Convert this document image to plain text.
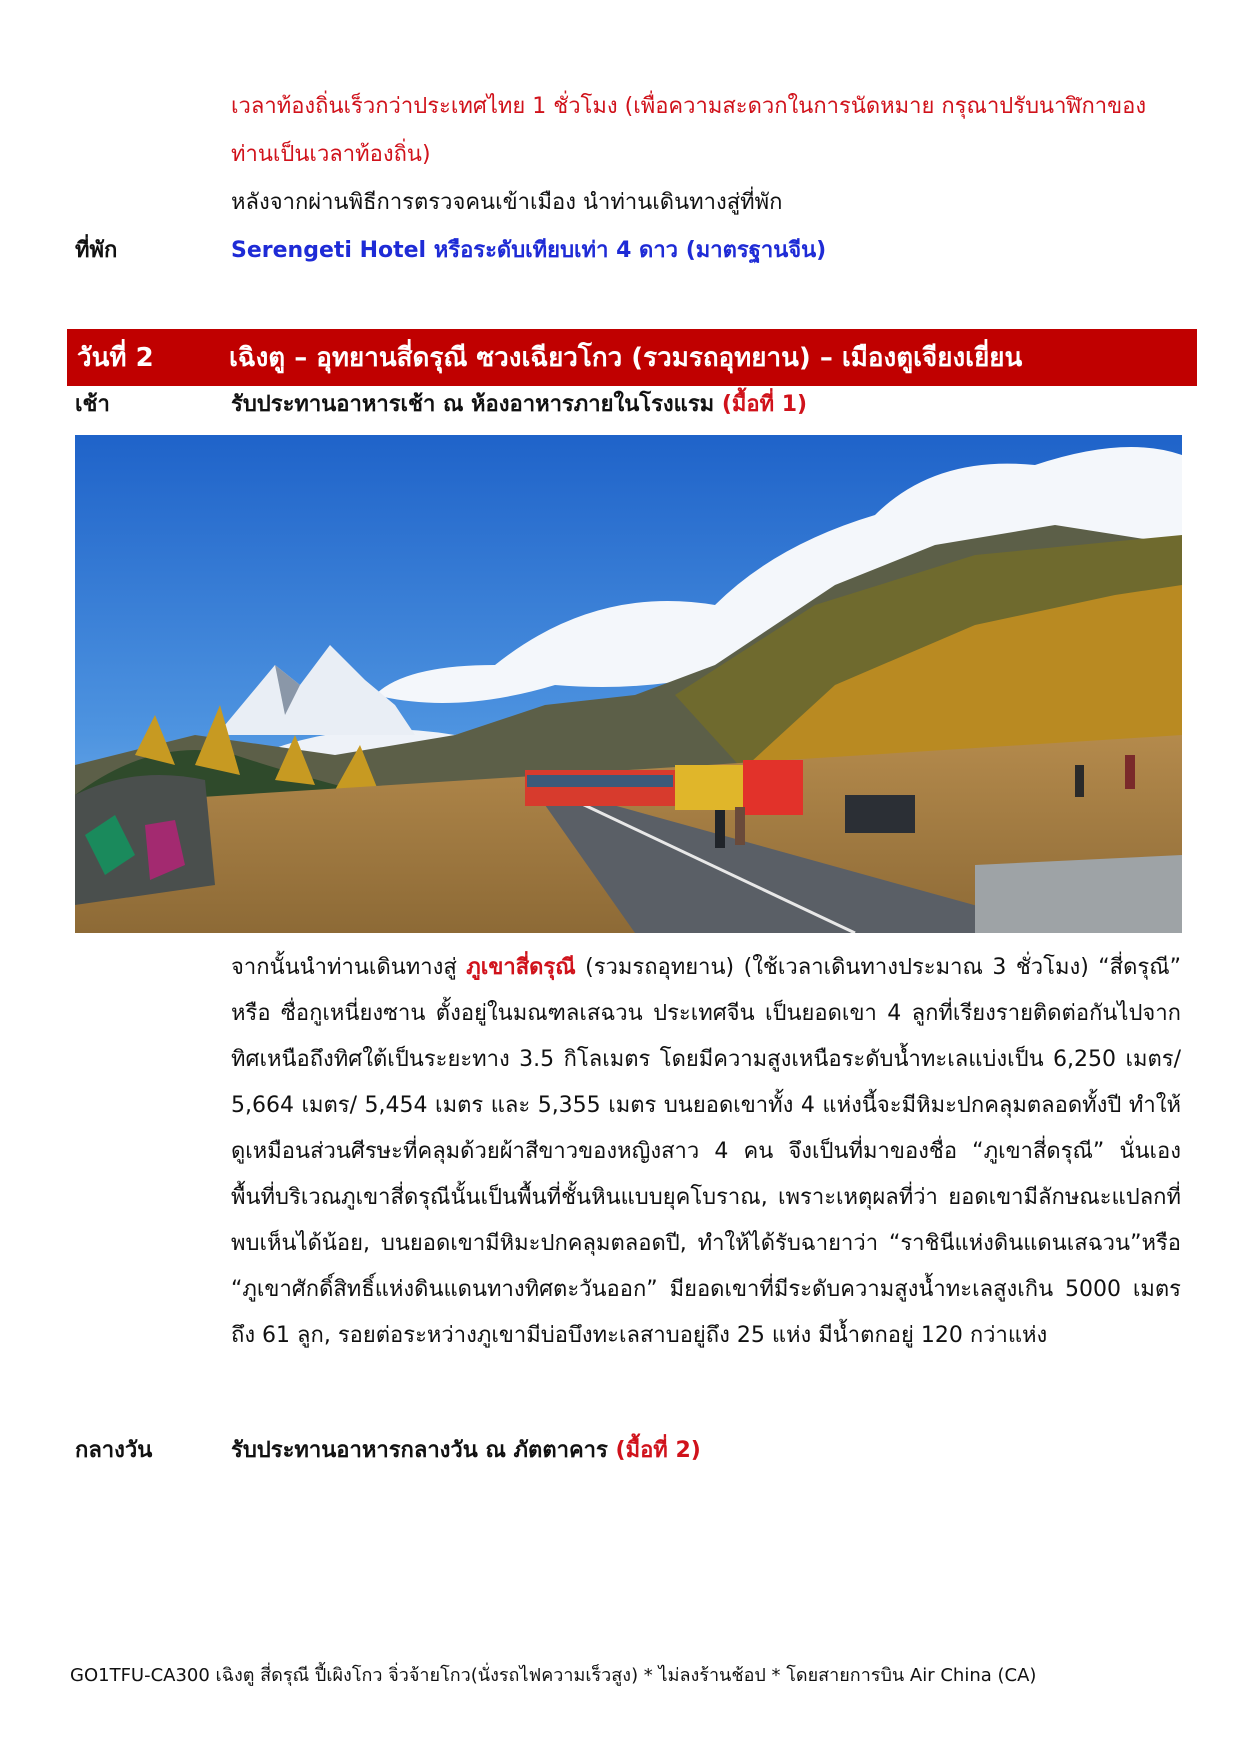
เวลาท้องถิ่นเร็วกว่าประเทศไทย 1 ชั่วโมง (เพื่อความสะดวกในการนัดหมาย กรุณาปรับนาฬิกาของ
ท่านเป็นเวลาท้องถิ่น)
หลังจากผ่านพิธีการตรวจคนเข้าเมือง นำท่านเดินทางสู่ที่พัก
ที่พัก	Serengeti Hotel หรือระดับเทียบเท่า 4 ดาว (มาตรฐานจีน)
วันที่ 2	เฉิงตู – อุทยานสี่ดรุณี ซวงเฉียวโกว (รวมรถอุทยาน) – เมืองตูเจียงเยี่ยน
เช้า	รับประทานอาหารเช้า ณ ห้องอาหารภายในโรงแรม (มื้อที่ 1)
จากนั้นนำท่านเดินทางสู่ ภูเขาสี่ดรุณี (รวมรถอุทยาน) (ใช้เวลาเดินทางประมาณ 3 ชั่วโมง) “สี่ดรุณี” หรือ ซื่อกูเหนี่ยงซาน ตั้งอยู่ในมณฑลเสฉวน ประเทศจีน เป็นยอดเขา 4 ลูกที่เรียงรายติดต่อกันไปจากทิศเหนือถึงทิศใต้เป็นระยะทาง 3.5 กิโลเมตร โดยมีความสูงเหนือระดับน้ำทะเลแบ่งเป็น 6,250 เมตร/ 5,664 เมตร/ 5,454 เมตร และ 5,355 เมตร บนยอดเขาทั้ง 4 แห่งนี้จะมีหิมะปกคลุมตลอดทั้งปี ทำให้ดูเหมือนส่วนศีรษะที่คลุมด้วยผ้าสีขาวของหญิงสาว 4 คน จึงเป็นที่มาของชื่อ “ภูเขาสี่ดรุณี” นั่นเองพื้นที่บริเวณภูเขาสี่ดรุณีนั้นเป็นพื้นที่ชั้นหินแบบยุคโบราณ, เพราะเหตุผลที่ว่า ยอดเขามีลักษณะแปลกที่พบเห็นได้น้อย, บนยอดเขามีหิมะปกคลุมตลอดปี, ทำให้ได้รับฉายาว่า “ราชินีแห่งดินแดนเสฉวน”หรือ “ภูเขาศักดิ์สิทธิ์แห่งดินแดนทางทิศตะวันออก” มียอดเขาที่มีระดับความสูงน้ำทะเลสูงเกิน 5000 เมตร ถึง 61 ลูก, รอยต่อระหว่างภูเขามีบ่อบึงทะเลสาบอยู่ถึง 25 แห่ง มีน้ำตกอยู่ 120 กว่าแห่ง
กลางวัน	รับประทานอาหารกลางวัน ณ ภัตตาคาร (มื้อที่ 2)
GO1TFU-CA300 เฉิงตู สี่ดรุณี ปี้เผิงโกว จิ่วจ้ายโกว(นั่งรถไฟความเร็วสูง) * ไม่ลงร้านช้อป * โดยสายการบิน Air China (CA)
